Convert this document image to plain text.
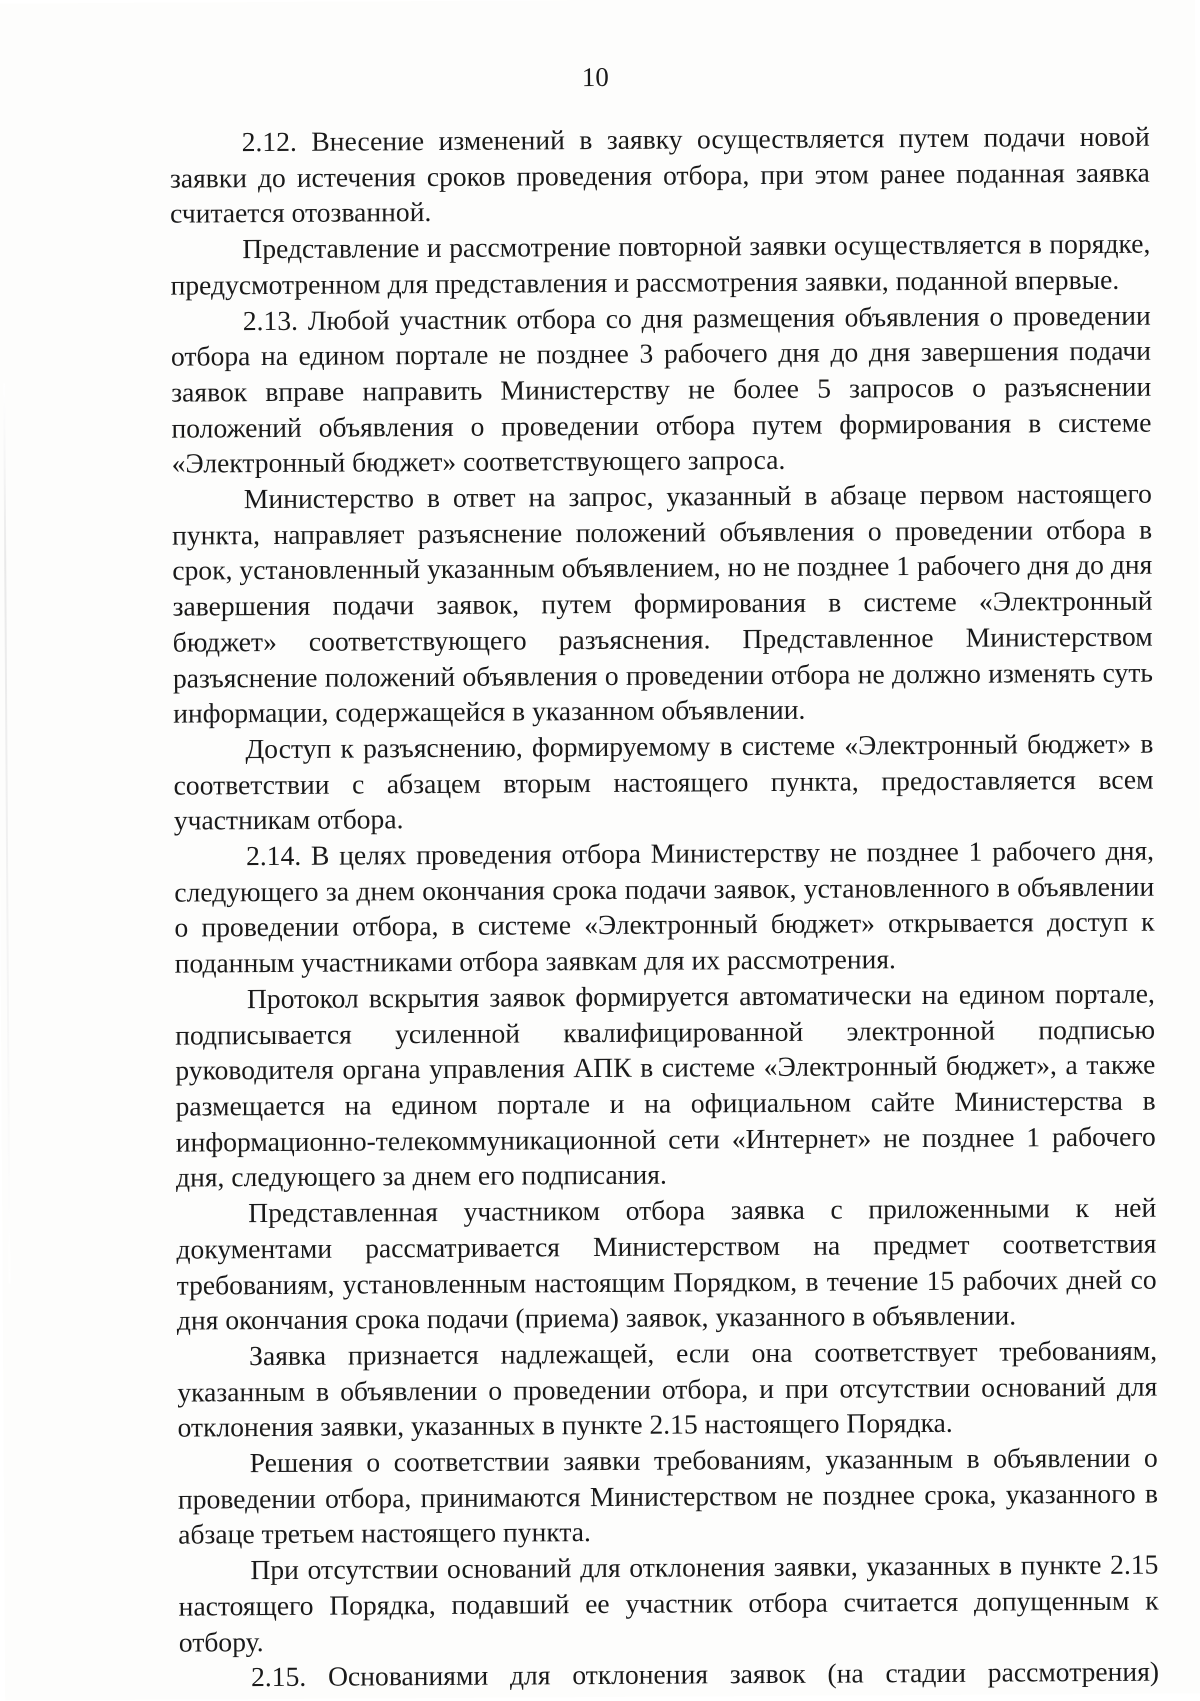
10

2.12. Внесение изменений в заявку осуществляется путем подачи новой заявки до истечения сроков проведения отбора, при этом ранее поданная заявка считается отозванной.

Представление и рассмотрение повторной заявки осуществляется в порядке, предусмотренном для представления и рассмотрения заявки, поданной впервые.

2.13. Любой участник отбора со дня размещения объявления о проведении отбора на едином портале не позднее 3 рабочего дня до дня завершения подачи заявок вправе направить Министерству не более 5 запросов о разъяснении положений объявления о проведении отбора путем формирования в системе «Электронный бюджет» соответствующего запроса.

Министерство в ответ на запрос, указанный в абзаце первом настоящего пункта, направляет разъяснение положений объявления о проведении отбора в срок, установленный указанным объявлением, но не позднее 1 рабочего дня до дня завершения подачи заявок, путем формирования в системе «Электронный бюджет» соответствующего разъяснения. Представленное Министерством разъяснение положений объявления о проведении отбора не должно изменять суть информации, содержащейся в указанном объявлении.

Доступ к разъяснению, формируемому в системе «Электронный бюджет» в соответствии с абзацем вторым настоящего пункта, предоставляется всем участникам отбора.

2.14. В целях проведения отбора Министерству не позднее 1 рабочего дня, следующего за днем окончания срока подачи заявок, установленного в объявлении о проведении отбора, в системе «Электронный бюджет» открывается доступ к поданным участниками отбора заявкам для их рассмотрения.

Протокол вскрытия заявок формируется автоматически на едином портале, подписывается усиленной квалифицированной электронной подписью руководителя органа управления АПК в системе «Электронный бюджет», а также размещается на едином портале и на официальном сайте Министерства в информационно-телекоммуникационной сети «Интернет» не позднее 1 рабочего дня, следующего за днем его подписания.

Представленная участником отбора заявка с приложенными к ней документами рассматривается Министерством на предмет соответствия требованиям, установленным настоящим Порядком, в течение 15 рабочих дней со дня окончания срока подачи (приема) заявок, указанного в объявлении.

Заявка признается надлежащей, если она соответствует требованиям, указанным в объявлении о проведении отбора, и при отсутствии оснований для отклонения заявки, указанных в пункте 2.15 настоящего Порядка.

Решения о соответствии заявки требованиям, указанным в объявлении о проведении отбора, принимаются Министерством не позднее срока, указанного в абзаце третьем настоящего пункта.

При отсутствии оснований для отклонения заявки, указанных в пункте 2.15 настоящего Порядка, подавший ее участник отбора считается допущенным к отбору.

2.15. Основаниями для отклонения заявок (на стадии рассмотрения)
